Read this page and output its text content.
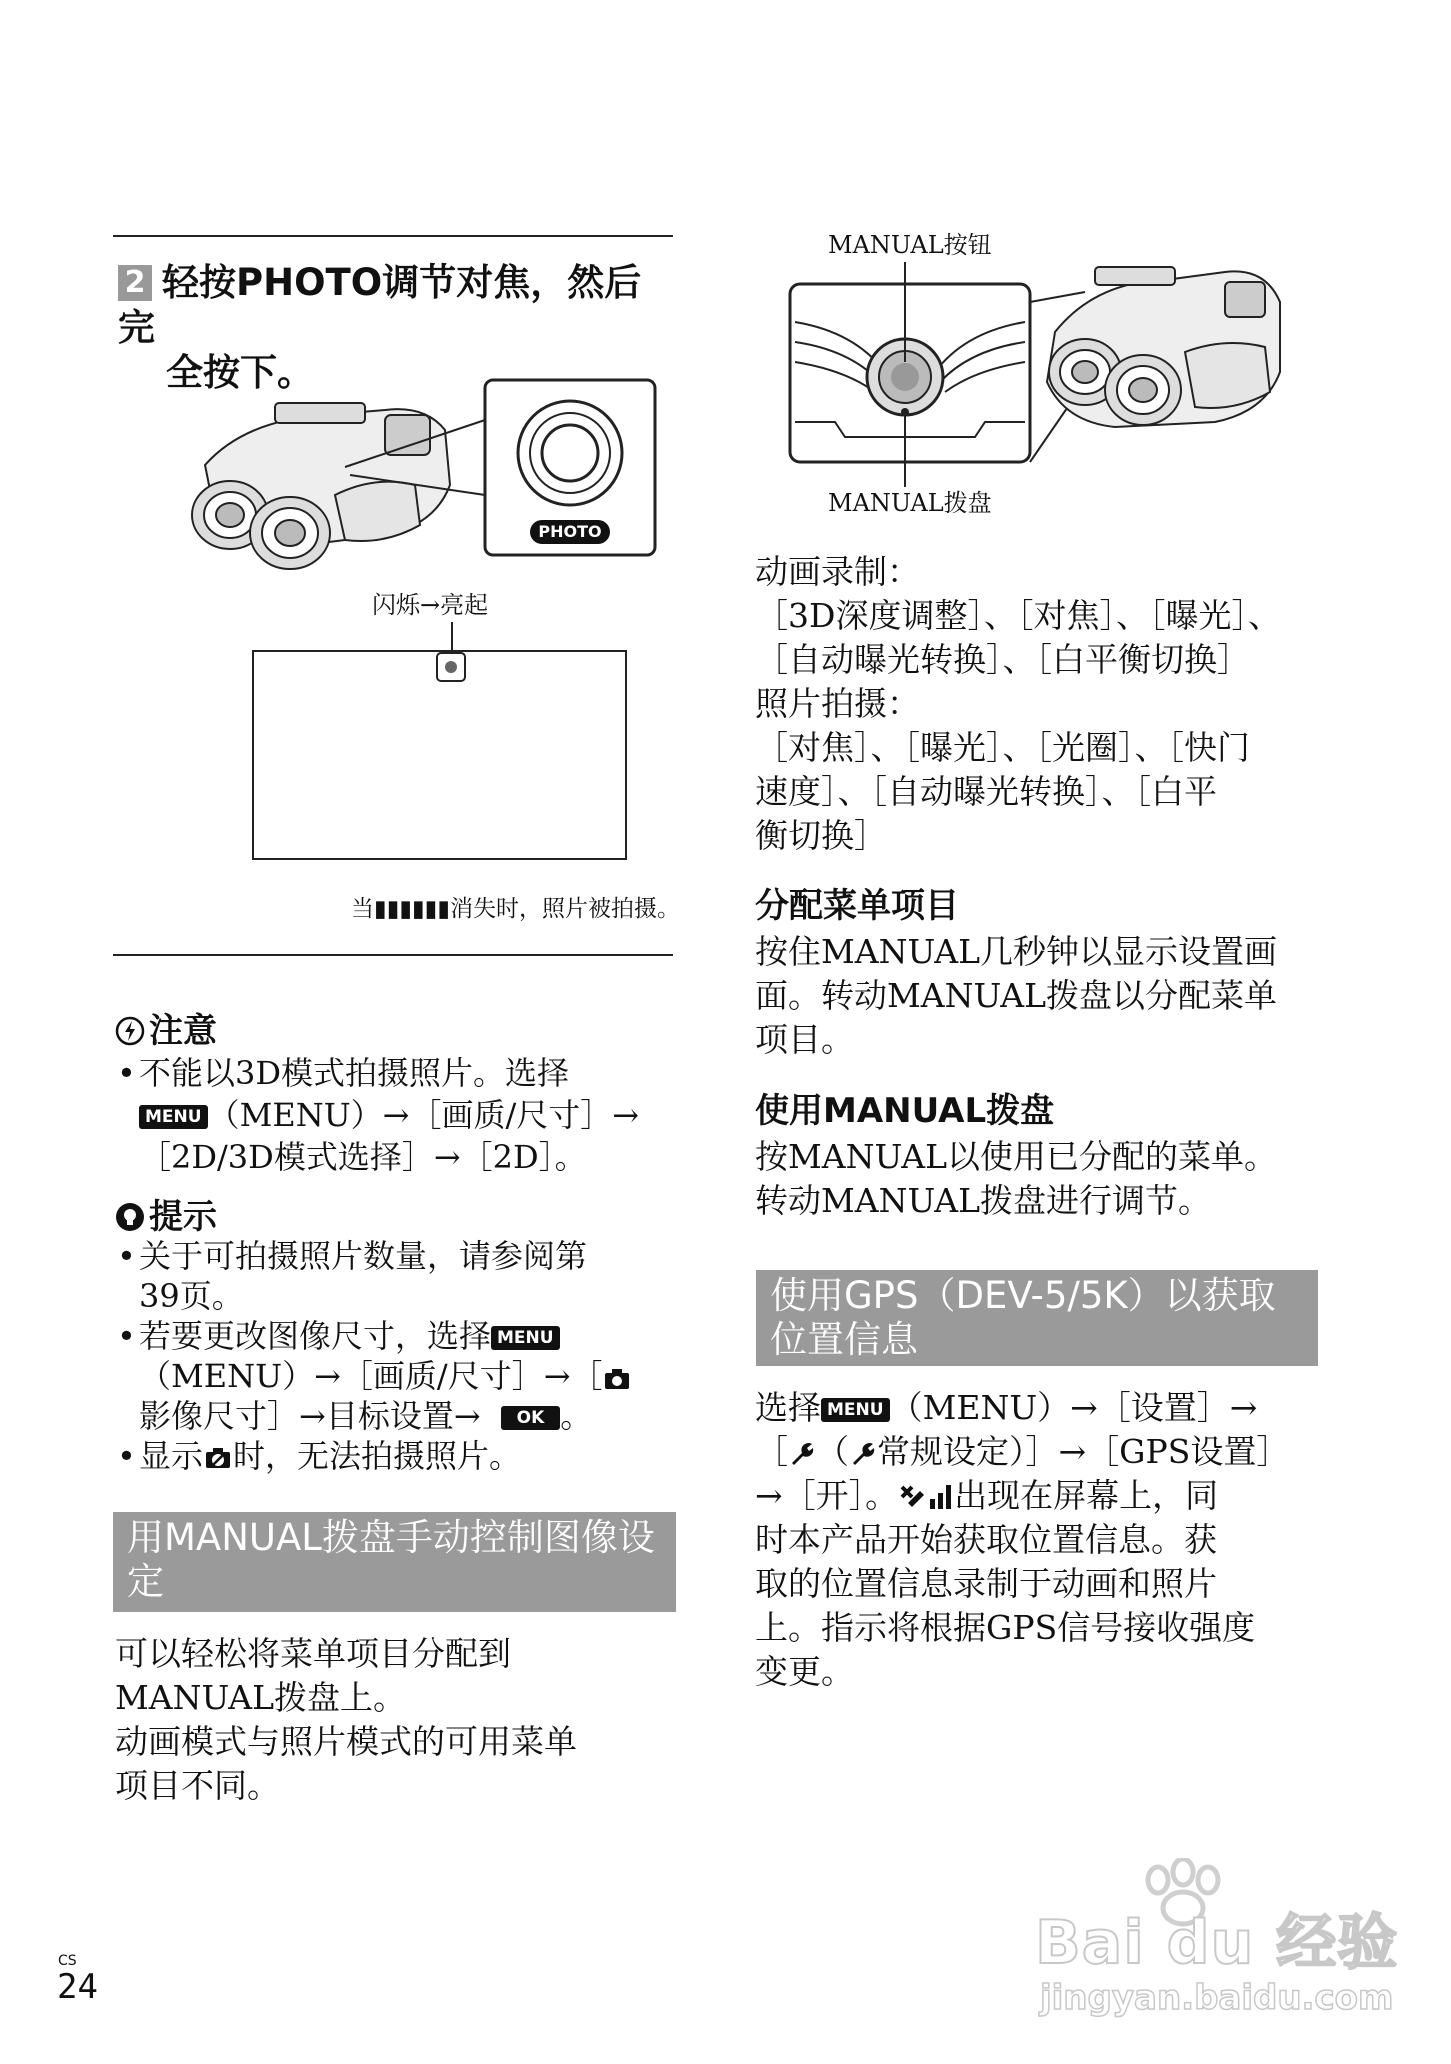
2 轻按PHOTO调节对焦，然后完
全按下。
PHOTO
闪烁→亮起
当▮▮▮▮▮▮消失时，照片被拍摄。
注意
• 不能以3D模式拍摄照片。选择
MENU （MENU）→［画质/尺寸］→
［2D/3D模式选择］→［2D］。
提示
• 关于可拍摄照片数量，请参阅第
39页。
• 若要更改图像尺寸，选择 MENU
（MENU）→［画质/尺寸］→［
影像尺寸］→目标设置→ OK 。
• 显示 时，无法拍摄照片。
用MANUAL拨盘手动控制图像设
定
可以轻松将菜单项目分配到
MANUAL拨盘上。
动画模式与照片模式的可用菜单
项目不同。
CS
24
MANUAL按钮
MANUAL拨盘
动画录制：
［3D深度调整］、［对焦］、［曝光］、
［自动曝光转换］、［白平衡切换］
照片拍摄：
［对焦］、［曝光］、［光圈］、［快门
速度］、［自动曝光转换］、［白平
衡切换］
分配菜单项目
按住MANUAL几秒钟以显示设置画
面。转动MANUAL拨盘以分配菜单
项目。
使用MANUAL拨盘
按MANUAL以使用已分配的菜单。
转动MANUAL拨盘进行调节。
使用GPS（DEV-5/5K）以获取
位置信息
选择 MENU （MENU）→［设置］→
［ （ 常规设定）］→［GPS设置］
→［开］。 出现在屏幕上，同
时本产品开始获取位置信息。获
取的位置信息录制于动画和照片
上。指示将根据GPS信号接收强度
变更。
Bai du 经验
jingyan.baidu.com
